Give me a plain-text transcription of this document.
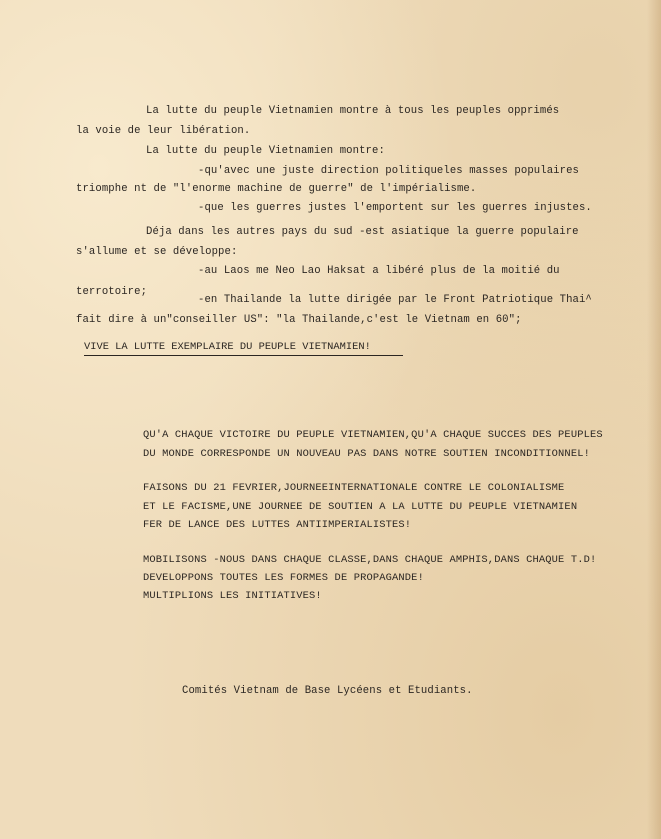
La lutte du peuple Vietnamien montre à tous les peuples opprimés
la voie de leur libération.
La lutte du peuple Vietnamien montre:
-qu'avec une juste direction politiqueles masses populaires
triomphe nt de "l'enorme machine de guerre" de l'impérialisme.
-que les guerres justes l'emportent sur les guerres injustes.
Déja dans les autres pays du sud -est asiatique la guerre populaire
s'allume et se développe:
-au Laos me Neo Lao Haksat a libéré plus de la moitié du
terrotoire;
-en Thailande la lutte dirigée par le Front Patriotique Thai^
fait dire à un"conseiller US": "la Thailande,c'est le Vietnam en 60";
VIVE LA LUTTE EXEMPLAIRE DU PEUPLE VIETNAMIEN!
QU'A CHAQUE VICTOIRE DU PEUPLE VIETNAMIEN,QU'A CHAQUE SUCCES DES PEUPLES
DU MONDE CORRESPONDE UN NOUVEAU PAS DANS NOTRE SOUTIEN INCONDITIONNEL!
FAISONS DU 21 FEVRIER,JOURNEEINTERNATIONALE CONTRE LE COLONIALISME
ET LE FACISME,UNE JOURNEE DE SOUTIEN A LA LUTTE DU PEUPLE VIETNAMIEN
FER DE LANCE DES LUTTES ANTIIMPERIALISTES!
MOBILISONS -NOUS DANS CHAQUE CLASSE,DANS CHAQUE AMPHIS,DANS CHAQUE T.D!
DEVELOPPONS TOUTES LES FORMES DE PROPAGANDE!
MULTIPLIONS LES INITIATIVES!
Comités Vietnam de Base Lycéens et Etudiants.
